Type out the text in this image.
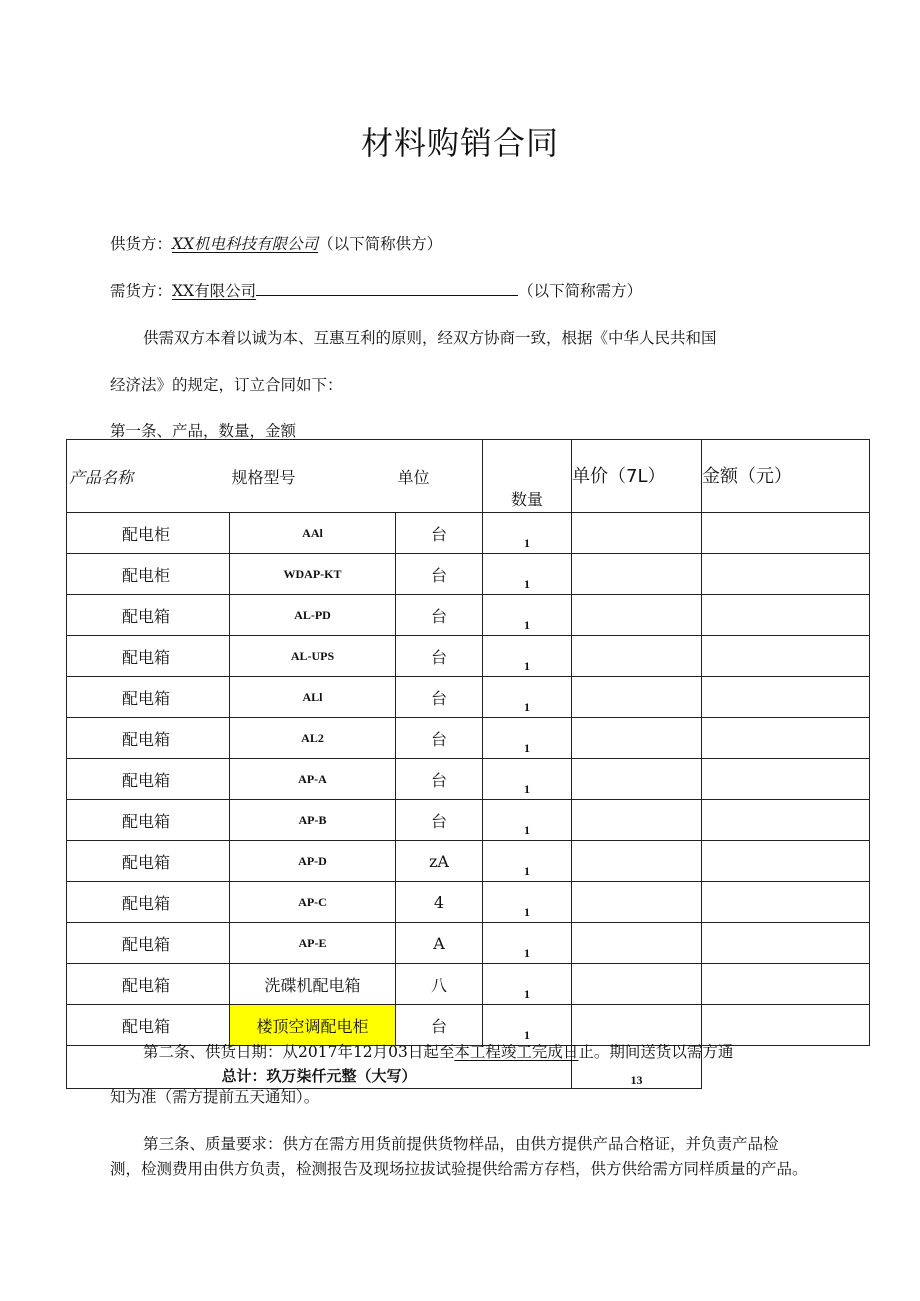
材料购销合同
供货方：XX机电科技有限公司（以下简称供方）
需货方：XX有限公司	（以下简称需方）
供需双方本着以诚为本、互惠互利的原则，经双方协商一致，根据《中华人民共和国
经济法》的规定，订立合同如下：
第一条、产品，数量，金额
产品名称	规格型号	单位	数量	单价（7L）	金额（元）
配电柜	AAl	台	1		
配电柜	WDAP-KT	台	1		
配电箱	AL-PD	台	1		
配电箱	AL-UPS	台	1		
配电箱	ALl	台	1		
配电箱	AL2	台	1		
配电箱	AP-A	台	1		
配电箱	AP-B	台	1		
配电箱	AP-D	zA	1		
配电箱	AP-C	4	1		
配电箱	AP-E	A	1		
配电箱	洗碟机配电箱	八	1		
配电箱	楼顶空调配电柜	台	1		
总计：玖万柒仟元整（大写）				13	
第二条、供货日期：从2017年12月03日起至本工程竣工完成日止。期间送货以需方通
知为准（需方提前五天通知）。
第三条、质量要求：供方在需方用货前提供货物样品，由供方提供产品合格证，并负责产品检
测，检测费用由供方负责，检测报告及现场拉拔试验提供给需方存档，供方供给需方同样质量的产品。
